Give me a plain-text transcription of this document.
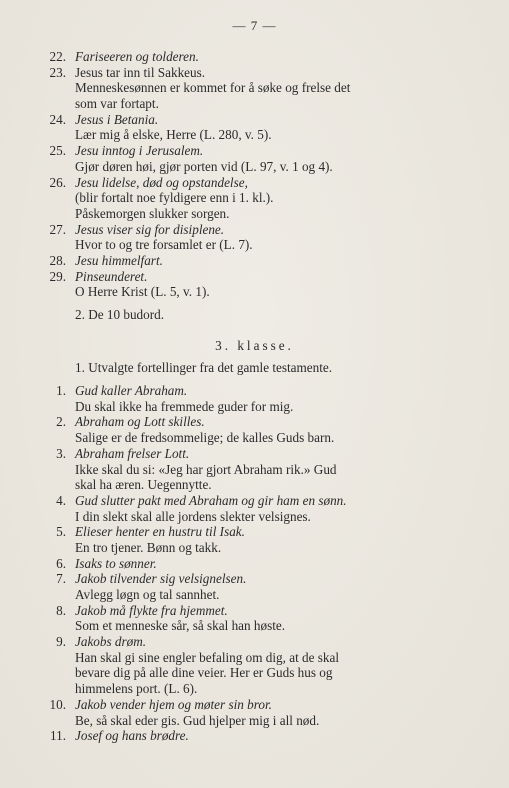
— 7 —
22. Fariseeren og tolderen.
23. Jesus tar inn til Sakkeus.
Menneskesønnen er kommet for å søke og frelse det
som var fortapt.
24. Jesus i Betania.
Lær mig å elske, Herre (L. 280, v. 5).
25. Jesu inntog i Jerusalem.
Gjør døren høi, gjør porten vid (L. 97, v. 1 og 4).
26. Jesu lidelse, død og opstandelse,
(blir fortalt noe fyldigere enn i 1. kl.).
Påskemorgen slukker sorgen.
27. Jesus viser sig for disiplene.
Hvor to og tre forsamlet er (L. 7).
28. Jesu himmelfart.
29. Pinseunderet.
O Herre Krist (L. 5, v. 1).
2. De 10 budord.
3. klasse.
1. Utvalgte fortellinger fra det gamle testamente.
1. Gud kaller Abraham.
Du skal ikke ha fremmede guder for mig.
2. Abraham og Lott skilles.
Salige er de fredsommelige; de kalles Guds barn.
3. Abraham frelser Lott.
Ikke skal du si: «Jeg har gjort Abraham rik.» Gud
skal ha æren. Uegennytte.
4. Gud slutter pakt med Abraham og gir ham en sønn.
I din slekt skal alle jordens slekter velsignes.
5. Elieser henter en hustru til Isak.
En tro tjener. Bønn og takk.
6. Isaks to sønner.
7. Jakob tilvender sig velsignelsen.
Avlegg løgn og tal sannhet.
8. Jakob må flykte fra hjemmet.
Som et menneske sår, så skal han høste.
9. Jakobs drøm.
Han skal gi sine engler befaling om dig, at de skal
bevare dig på alle dine veier. Her er Guds hus og
himmelens port. (L. 6).
10. Jakob vender hjem og møter sin bror.
Be, så skal eder gis. Gud hjelper mig i all nød.
11. Josef og hans brødre.
